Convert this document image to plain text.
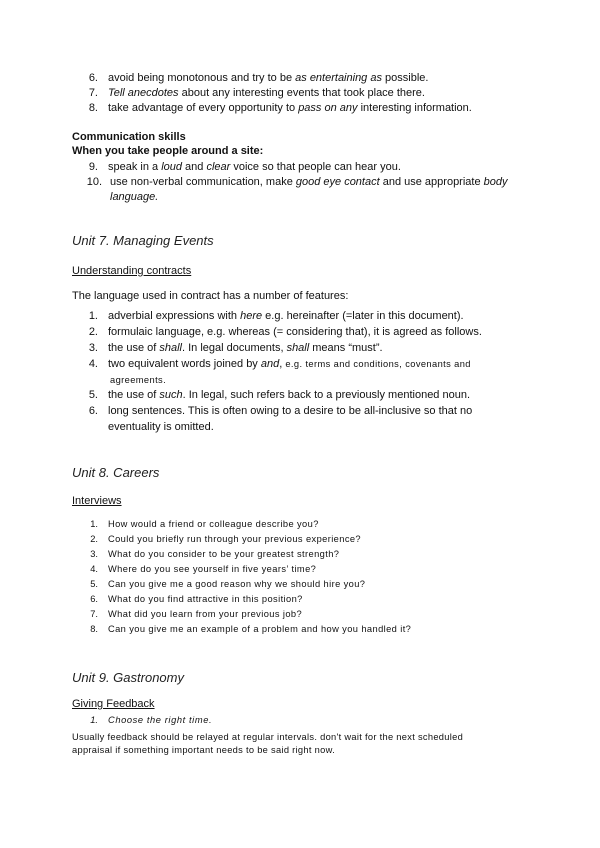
6. avoid being monotonous and try to be as entertaining as possible.
7. Tell anecdotes about any interesting events that took place there.
8. take advantage of every opportunity to pass on any interesting information.
Communication skills
When you take people around a site:
9. speak in a loud and clear voice so that people can hear you.
10. use non-verbal communication, make good eye contact and use appropriate body
language.
Unit 7. Managing Events
Understanding contracts
The language used in contract has a number of features:
1. adverbial expressions with here e.g. hereinafter (=later in this document).
2. formulaic language, e.g. whereas (= considering that), it is agreed as follows.
3. the use of shall. In legal documents, shall means “must”.
4. two equivalent words joined by and, e.g. terms and conditions, covenants and
agreements.
5. the use of such. In legal, such refers back to a previously mentioned noun.
6. long sentences. This is often owing to a desire to be all-inclusive so that no
eventuality is omitted.
Unit 8. Careers
Interviews
1. How would a friend or colleague describe you?
2. Could you briefly run through your previous experience?
3. What do you consider to be your greatest strength?
4. Where do you see yourself in five years’ time?
5. Can you give me a good reason why we should hire you?
6. What do you find attractive in this position?
7. What did you learn from your previous job?
8. Can you give me an example of a problem and how you handled it?
Unit 9. Gastronomy
Giving Feedback
1. Choose the right time.
Usually feedback should be relayed at regular intervals. don't wait for the next scheduled
appraisal if something important needs to be said right now.
